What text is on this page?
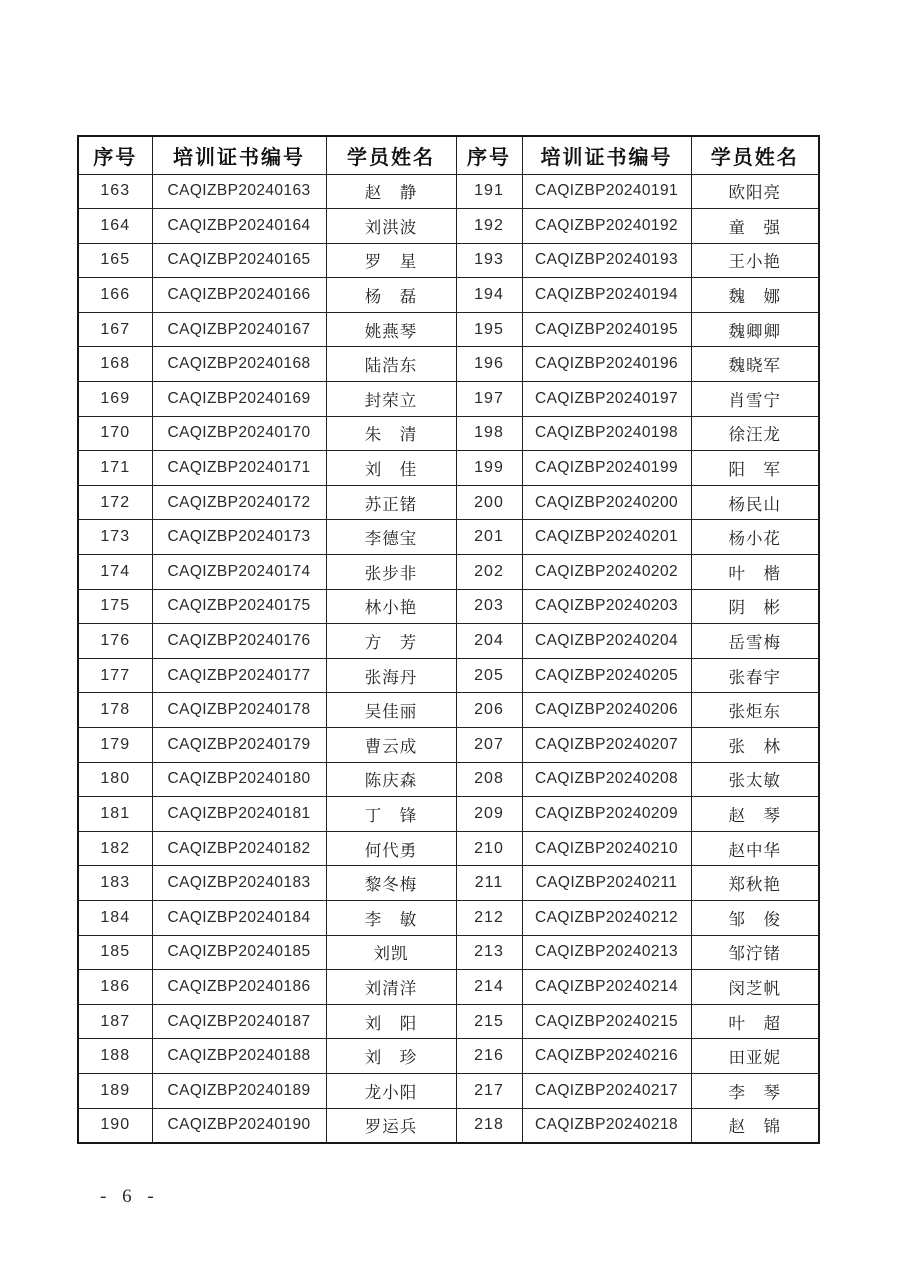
序号	培训证书编号	学员姓名	序号	培训证书编号	学员姓名
163	CAQIZBP20240163	赵　静	191	CAQIZBP20240191	欧阳亮
164	CAQIZBP20240164	刘洪波	192	CAQIZBP20240192	童　强
165	CAQIZBP20240165	罗　星	193	CAQIZBP20240193	王小艳
166	CAQIZBP20240166	杨　磊	194	CAQIZBP20240194	魏　娜
167	CAQIZBP20240167	姚燕琴	195	CAQIZBP20240195	魏卿卿
168	CAQIZBP20240168	陆浩东	196	CAQIZBP20240196	魏晓军
169	CAQIZBP20240169	封荣立	197	CAQIZBP20240197	肖雪宁
170	CAQIZBP20240170	朱　清	198	CAQIZBP20240198	徐汪龙
171	CAQIZBP20240171	刘　佳	199	CAQIZBP20240199	阳　军
172	CAQIZBP20240172	苏正锗	200	CAQIZBP20240200	杨民山
173	CAQIZBP20240173	李德宝	201	CAQIZBP20240201	杨小花
174	CAQIZBP20240174	张步非	202	CAQIZBP20240202	叶　楷
175	CAQIZBP20240175	林小艳	203	CAQIZBP20240203	阴　彬
176	CAQIZBP20240176	方　芳	204	CAQIZBP20240204	岳雪梅
177	CAQIZBP20240177	张海丹	205	CAQIZBP20240205	张春宇
178	CAQIZBP20240178	吴佳丽	206	CAQIZBP20240206	张炬东
179	CAQIZBP20240179	曹云成	207	CAQIZBP20240207	张　林
180	CAQIZBP20240180	陈庆森	208	CAQIZBP20240208	张太敏
181	CAQIZBP20240181	丁　锋	209	CAQIZBP20240209	赵　琴
182	CAQIZBP20240182	何代勇	210	CAQIZBP20240210	赵中华
183	CAQIZBP20240183	黎冬梅	211	CAQIZBP20240211	郑秋艳
184	CAQIZBP20240184	李　敏	212	CAQIZBP20240212	邹　俊
185	CAQIZBP20240185	刘凯	213	CAQIZBP20240213	邹泞锗
186	CAQIZBP20240186	刘清洋	214	CAQIZBP20240214	闵芝帆
187	CAQIZBP20240187	刘　阳	215	CAQIZBP20240215	叶　超
188	CAQIZBP20240188	刘　珍	216	CAQIZBP20240216	田亚妮
189	CAQIZBP20240189	龙小阳	217	CAQIZBP20240217	李　琴
190	CAQIZBP20240190	罗运兵	218	CAQIZBP20240218	赵　锦
- 6 -
